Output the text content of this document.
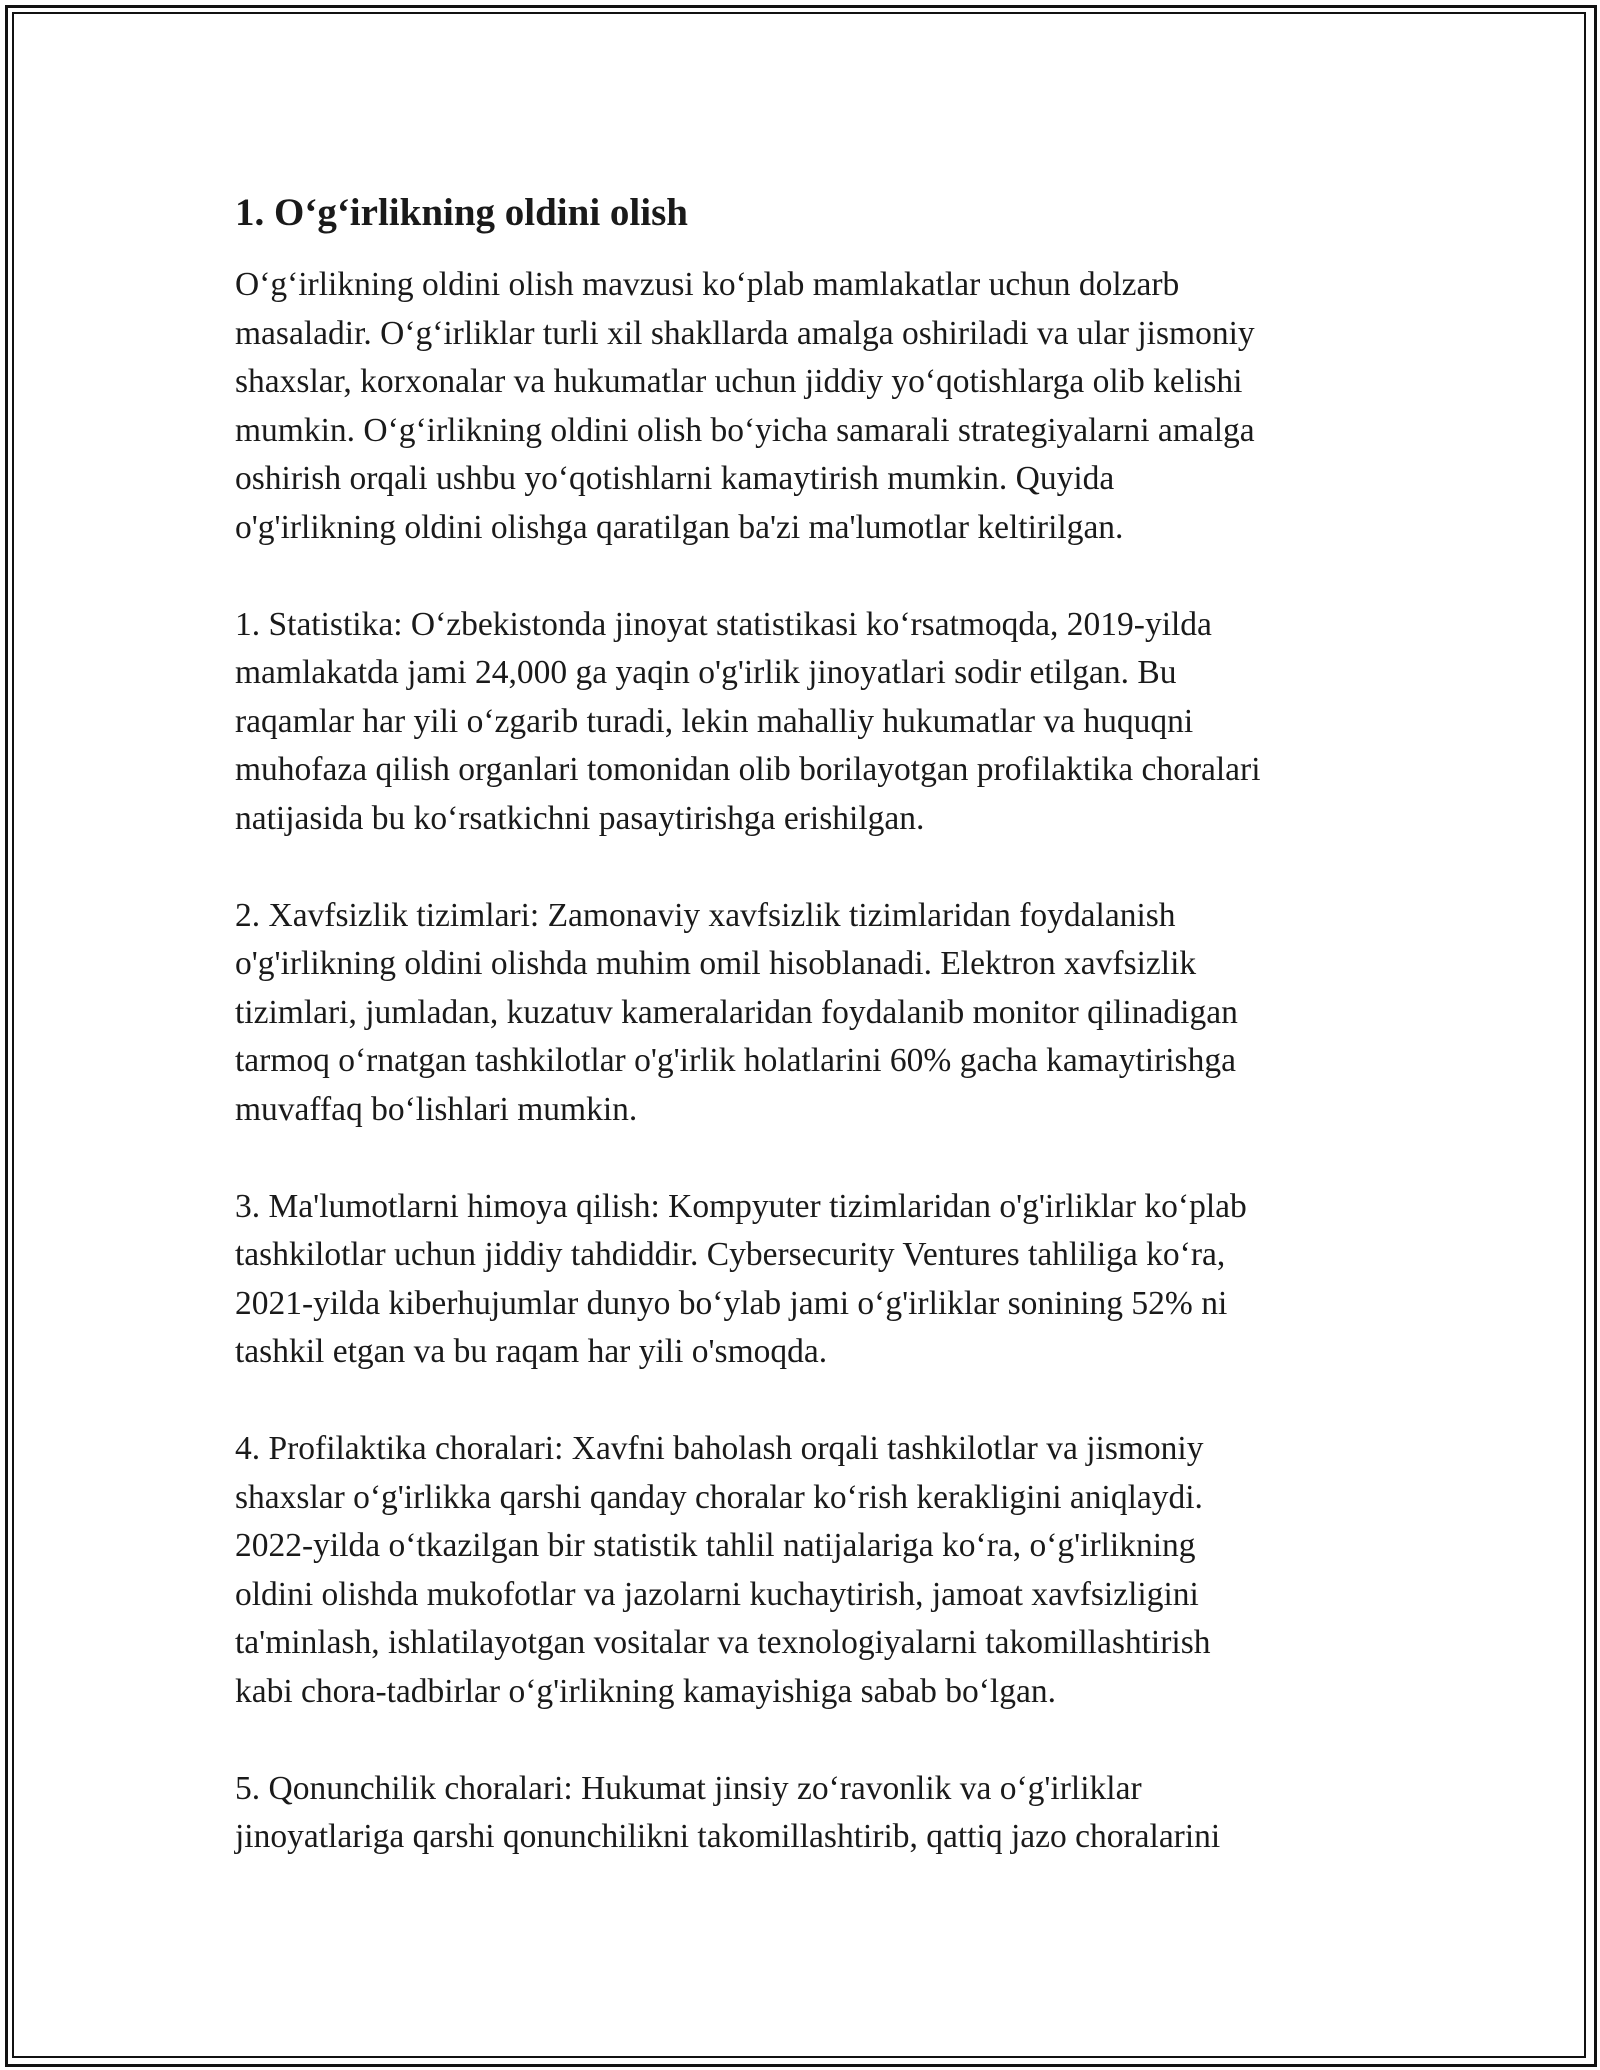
1. O‘g‘irlikning oldini olish

O‘g‘irlikning oldini olish mavzusi ko‘plab mamlakatlar uchun dolzarb
masaladir. O‘g‘irliklar turli xil shakllarda amalga oshiriladi va ular jismoniy
shaxslar, korxonalar va hukumatlar uchun jiddiy yo‘qotishlarga olib kelishi
mumkin. O‘g‘irlikning oldini olish bo‘yicha samarali strategiyalarni amalga
oshirish orqali ushbu yo‘qotishlarni kamaytirish mumkin. Quyida
o'g'irlikning oldini olishga qaratilgan ba'zi ma'lumotlar keltirilgan.

1. Statistika: O‘zbekistonda jinoyat statistikasi ko‘rsatmoqda, 2019-yilda
mamlakatda jami 24,000 ga yaqin o'g'irlik jinoyatlari sodir etilgan. Bu
raqamlar har yili o‘zgarib turadi, lekin mahalliy hukumatlar va huquqni
muhofaza qilish organlari tomonidan olib borilayotgan profilaktika choralari
natijasida bu ko‘rsatkichni pasaytirishga erishilgan.

2. Xavfsizlik tizimlari: Zamonaviy xavfsizlik tizimlaridan foydalanish
o'g'irlikning oldini olishda muhim omil hisoblanadi. Elektron xavfsizlik
tizimlari, jumladan, kuzatuv kameralaridan foydalanib monitor qilinadigan
tarmoq o‘rnatgan tashkilotlar o'g'irlik holatlarini 60% gacha kamaytirishga
muvaffaq bo‘lishlari mumkin.

3. Ma'lumotlarni himoya qilish: Kompyuter tizimlaridan o'g'irliklar ko‘plab
tashkilotlar uchun jiddiy tahdiddir. Cybersecurity Ventures tahliliga ko‘ra,
2021-yilda kiberhujumlar dunyo bo‘ylab jami o‘g'irliklar sonining 52% ni
tashkil etgan va bu raqam har yili o'smoqda.

4. Profilaktika choralari: Xavfni baholash orqali tashkilotlar va jismoniy
shaxslar o‘g'irlikka qarshi qanday choralar ko‘rish kerakligini aniqlaydi.
2022-yilda o‘tkazilgan bir statistik tahlil natijalariga ko‘ra, o‘g'irlikning
oldini olishda mukofotlar va jazolarni kuchaytirish, jamoat xavfsizligini
ta'minlash, ishlatilayotgan vositalar va texnologiyalarni takomillashtirish
kabi chora-tadbirlar o‘g'irlikning kamayishiga sabab bo‘lgan.

5. Qonunchilik choralari: Hukumat jinsiy zo‘ravonlik va o‘g'irliklar
jinoyatlariga qarshi qonunchilikni takomillashtirib, qattiq jazo choralarini
